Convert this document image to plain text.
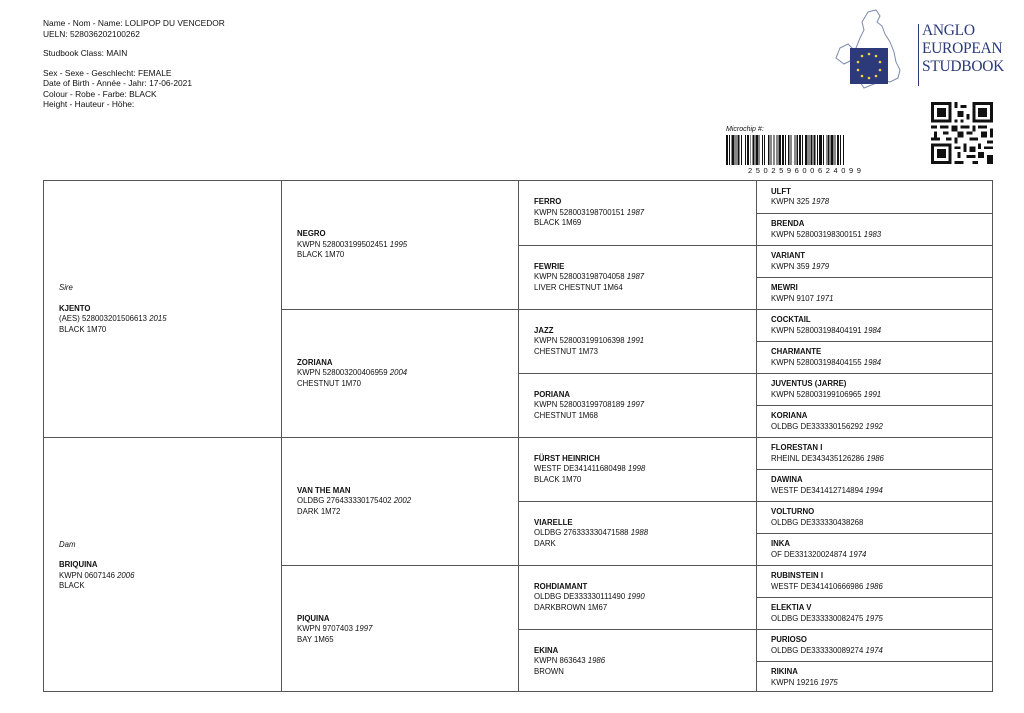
Name - Nom - Name: LOLIPOP DU VENCEDOR
UELN: 528036202100262
Studbook Class: MAIN
Sex - Sexe - Geschlecht: FEMALE
Date of Birth - Année - Jahr: 17-06-2021
Colour - Robe - Farbe: BLACK
Height - Hauteur - Höhe:
ANGLO
EUROPEAN
STUDBOOK
Microchip #:
250259600624099
Sire
KJENTO
(AES) 528003201506613 2015
BLACK 1M70
Dam
BRIQUINA
KWPN 0607146 2006
BLACK
NEGRO
KWPN 528003199502451 1995
BLACK 1M70
ZORIANA
KWPN 528003200406959 2004
CHESTNUT 1M70
VAN THE MAN
OLDBG 276433330175402 2002
DARK 1M72
PIQUINA
KWPN 9707403 1997
BAY 1M65
FERRO
KWPN 528003198700151 1987
BLACK 1M69
FEWRIE
KWPN 528003198704058 1987
LIVER CHESTNUT 1M64
JAZZ
KWPN 528003199106398 1991
CHESTNUT 1M73
PORIANA
KWPN 528003199708189 1997
CHESTNUT 1M68
FÜRST HEINRICH
WESTF DE341411680498 1998
BLACK 1M70
VIARELLE
OLDBG 276333330471588 1988
DARK
ROHDIAMANT
OLDBG DE333330111490 1990
DARKBROWN 1M67
EKINA
KWPN 863643 1986
BROWN
ULFT
KWPN 325 1978
BRENDA
KWPN 528003198300151 1983
VARIANT
KWPN 359 1979
MEWRI
KWPN 9107 1971
COCKTAIL
KWPN 528003198404191 1984
CHARMANTE
KWPN 528003198404155 1984
JUVENTUS (JARRE)
KWPN 528003199106965 1991
KORIANA
OLDBG DE333330156292 1992
FLORESTAN I
RHEINL DE343435126286 1986
DAWINA
WESTF DE341412714894 1994
VOLTURNO
OLDBG DE333330438268
INKA
OF DE331320024874 1974
RUBINSTEIN I
WESTF DE341410666986 1986
ELEKTIA V
OLDBG DE333330082475 1975
PURIOSO
OLDBG DE333330089274 1974
RIKINA
KWPN 19216 1975
